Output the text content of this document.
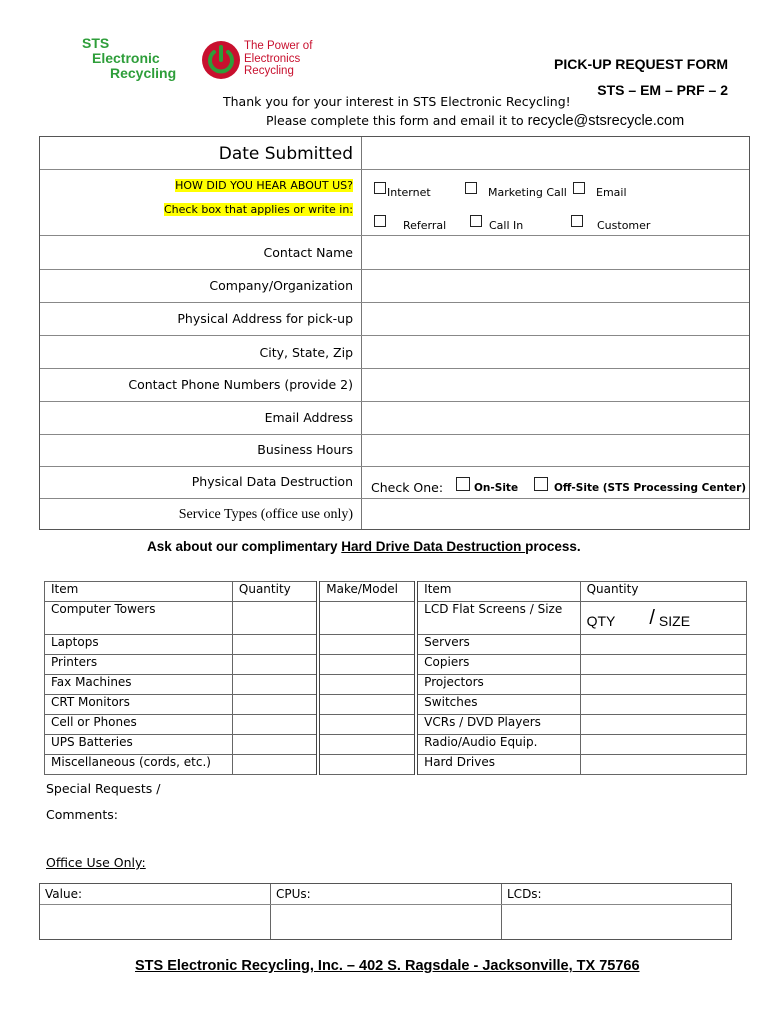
STS
Electronic
Recycling
The Power of
Electronics
Recycling	PICK-UP REQUEST FORM
STS – EM – PRF – 2
Thank you for your interest in STS Electronic Recycling!
Please complete this form and email it to recycle@stsrecycle.com
Date Submitted
HOW DID YOU HEAR ABOUT US?
Check box that applies or write in:
Internet	Marketing Call	Email
Referral	Call In	Customer
Contact Name
Company/Organization
Physical Address for pick-up
City, State, Zip
Contact Phone Numbers (provide 2)
Email Address
Business Hours
Physical Data Destruction Check One:	On-Site	Off-Site (STS Processing Center)
Service Types (office use only)
Ask about our complimentary Hard Drive Data Destruction process.
Item	Quantity	Make/Model	Item	Quantity
Computer Towers			LCD Flat Screens / Size	QTY / SIZE
Laptops			Servers	
Printers			Copiers	
Fax Machines			Projectors	
CRT Monitors			Switches	
Cell or Phones			VCRs / DVD Players	
UPS Batteries			Radio/Audio Equip.	
Miscellaneous (cords, etc.)			Hard Drives	
Special Requests /
Comments:
Office Use Only:
Value:	CPUs:	LCDs:
STS Electronic Recycling, Inc. – 402 S. Ragsdale - Jacksonville, TX 75766
